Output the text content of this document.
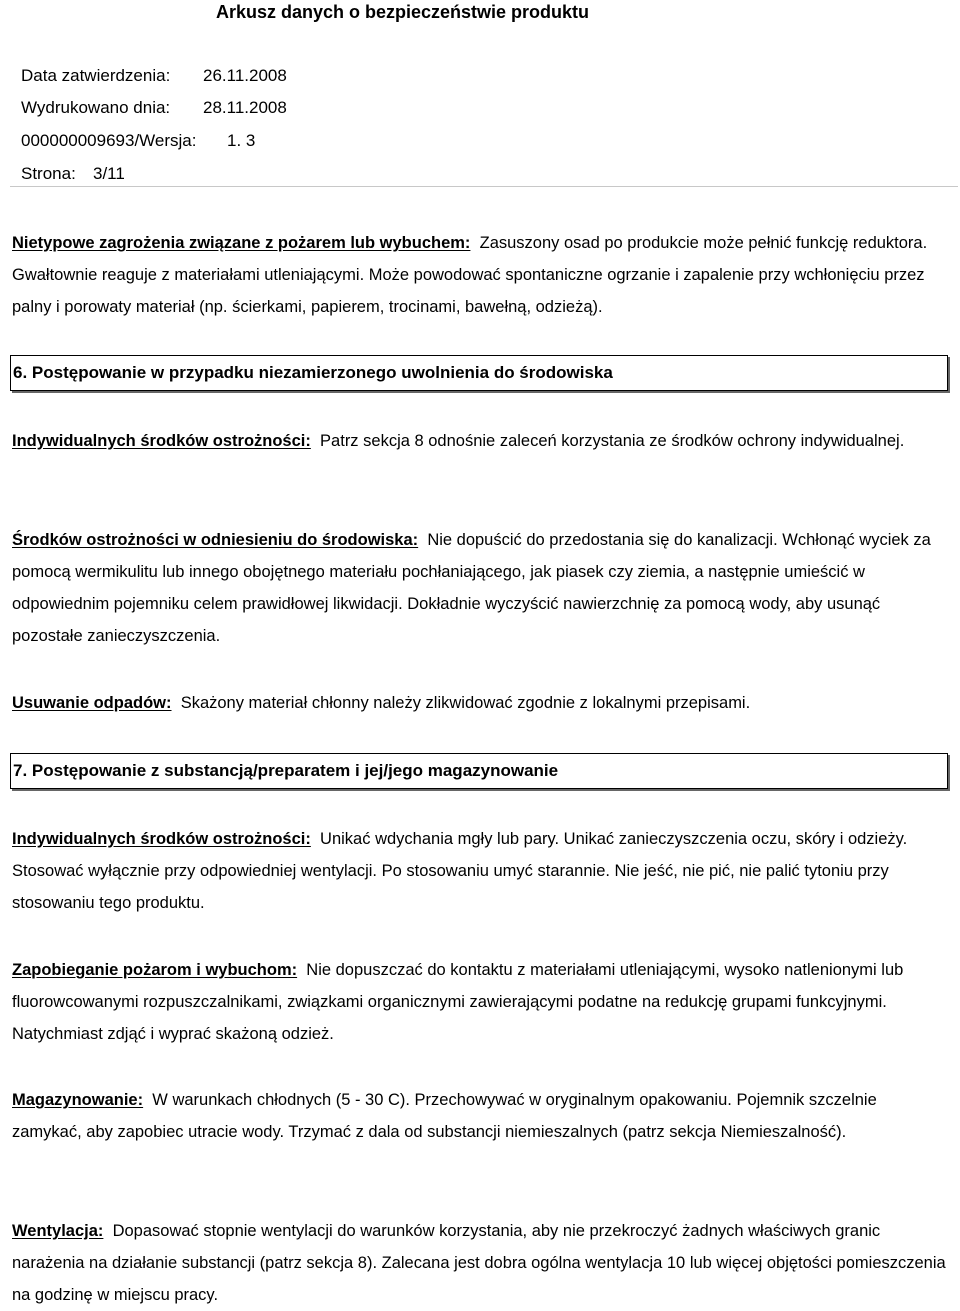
Arkusz danych o bezpieczeństwie produktu
Data zatwierdzenia: 26.11.2008
Wydrukowano dnia: 28.11.2008
000000009693/Wersja: 1. 3
Strona: 3/11
Nietypowe zagrożenia związane z pożarem lub wybuchem: Zasuszony osad po produkcie może pełnić funkcję reduktora. Gwałtownie reaguje z materiałami utleniającymi. Może powodować spontaniczne ogrzanie i zapalenie przy wchłonięciu przez palny i porowaty materiał (np. ścierkami, papierem, trocinami, bawełną, odzieżą).
6. Postępowanie w przypadku niezamierzonego uwolnienia do środowiska
Indywidualnych środków ostrożności: Patrz sekcja 8 odnośnie zaleceń korzystania ze środków ochrony indywidualnej.
Środków ostrożności w odniesieniu do środowiska: Nie dopuścić do przedostania się do kanalizacji. Wchłonąć wyciek za pomocą wermikulitu lub innego obojętnego materiału pochłaniającego, jak piasek czy ziemia, a następnie umieścić w odpowiednim pojemniku celem prawidłowej likwidacji. Dokładnie wyczyścić nawierzchnię za pomocą wody, aby usunąć pozostałe zanieczyszczenia.
Usuwanie odpadów: Skażony materiał chłonny należy zlikwidować zgodnie z lokalnymi przepisami.
7. Postępowanie z substancją/preparatem i jej/jego magazynowanie
Indywidualnych środków ostrożności: Unikać wdychania mgły lub pary. Unikać zanieczyszczenia oczu, skóry i odzieży. Stosować wyłącznie przy odpowiedniej wentylacji. Po stosowaniu umyć starannie. Nie jeść, nie pić, nie palić tytoniu przy stosowaniu tego produktu.
Zapobieganie pożarom i wybuchom: Nie dopuszczać do kontaktu z materiałami utleniającymi, wysoko natlenionymi lub fluorowcowanymi rozpuszczalnikami, związkami organicznymi zawierającymi podatne na redukcję grupami funkcyjnymi. Natychmiast zdjąć i wyprać skażoną odzież.
Magazynowanie: W warunkach chłodnych (5 - 30 C). Przechowywać w oryginalnym opakowaniu. Pojemnik szczelnie zamykać, aby zapobiec utracie wody. Trzymać z dala od substancji niemieszalnych (patrz sekcja Niemieszalność).
Wentylacja: Dopasować stopnie wentylacji do warunków korzystania, aby nie przekroczyć żadnych właściwych granic narażenia na działanie substancji (patrz sekcja 8). Zalecana jest dobra ogólna wentylacja 10 lub więcej objętości pomieszczenia na godzinę w miejscu pracy.
